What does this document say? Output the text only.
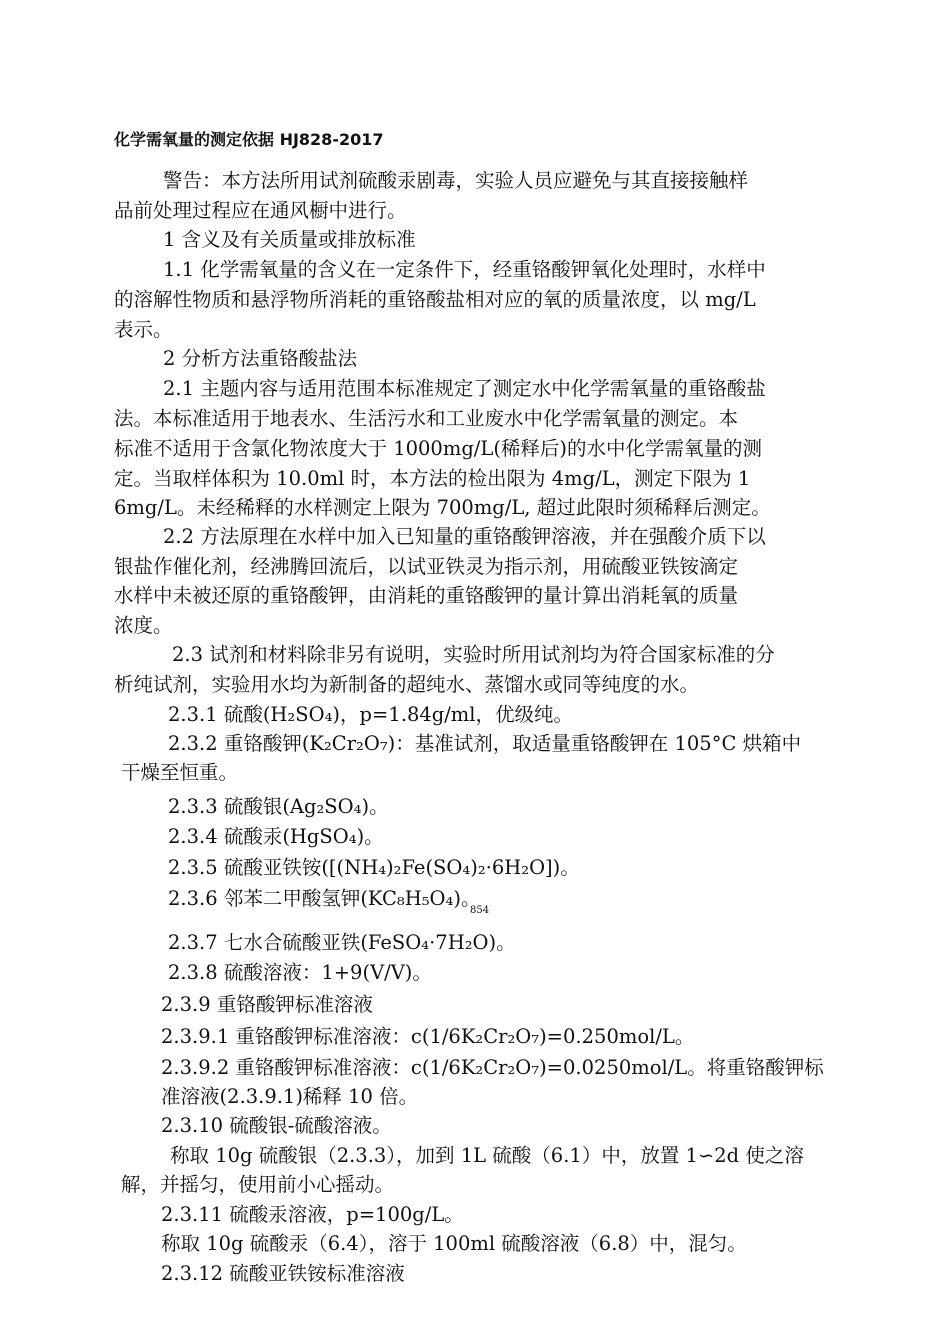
化学需氧量的测定依据 HJ828-2017
警告：本方法所用试剂硫酸汞剧毒，实验人员应避免与其直接接触样
品前处理过程应在通风橱中进行。
1 含义及有关质量或排放标准
1.1 化学需氧量的含义在一定条件下，经重铬酸钾氧化处理时，水样中
的溶解性物质和悬浮物所消耗的重铬酸盐相对应的氧的质量浓度，以 mg/L
表示。
2 分析方法重铬酸盐法
2.1 主题内容与适用范围本标准规定了测定水中化学需氧量的重铬酸盐
法。本标准适用于地表水、生活污水和工业废水中化学需氧量的测定。本
标准不适用于含氯化物浓度大于 1000mg/L(稀释后)的水中化学需氧量的测
定。当取样体积为 10.0ml 时，本方法的检出限为 4mg/L，测定下限为 1
6mg/L。未经稀释的水样测定上限为 700mg/L, 超过此限时须稀释后测定。
2.2 方法原理在水样中加入已知量的重铬酸钾溶液，并在强酸介质下以
银盐作催化剂，经沸腾回流后，以试亚铁灵为指示剂，用硫酸亚铁铵滴定
水样中未被还原的重铬酸钾，由消耗的重铬酸钾的量计算出消耗氧的质量
浓度。
2.3 试剂和材料除非另有说明，实验时所用试剂均为符合国家标准的分
析纯试剂，实验用水均为新制备的超纯水、蒸馏水或同等纯度的水。
2.3.1 硫酸(H₂SO₄)，p=1.84g/ml，优级纯。
2.3.2 重铬酸钾(K₂Cr₂O₇)：基准试剂，取适量重铬酸钾在 105°C 烘箱中
干燥至恒重。
2.3.3 硫酸银(Ag₂SO₄)。
2.3.4 硫酸汞(HgSO₄)。
2.3.5 硫酸亚铁铵([(NH₄)₂Fe(SO₄)₂·6H₂O])。
2.3.6 邻苯二甲酸氢钾(KC₈H₅O₄)。
854
2.3.7 七水合硫酸亚铁(FeSO₄·7H₂O)。
2.3.8 硫酸溶液：1+9(V/V)。
2.3.9 重铬酸钾标准溶液
2.3.9.1 重铬酸钾标准溶液：c(1/6K₂Cr₂O₇)=0.250mol/L。
2.3.9.2 重铬酸钾标准溶液：c(1/6K₂Cr₂O₇)=0.0250mol/L。将重铬酸钾标
准溶液(2.3.9.1)稀释 10 倍。
2.3.10 硫酸银-硫酸溶液。
称取 10g 硫酸银（2.3.3），加到 1L 硫酸（6.1）中，放置 1∽2d 使之溶
解，并摇匀，使用前小心摇动。
2.3.11 硫酸汞溶液，p=100g/L。
称取 10g 硫酸汞（6.4），溶于 100ml 硫酸溶液（6.8）中，混匀。
2.3.12 硫酸亚铁铵标准溶液
